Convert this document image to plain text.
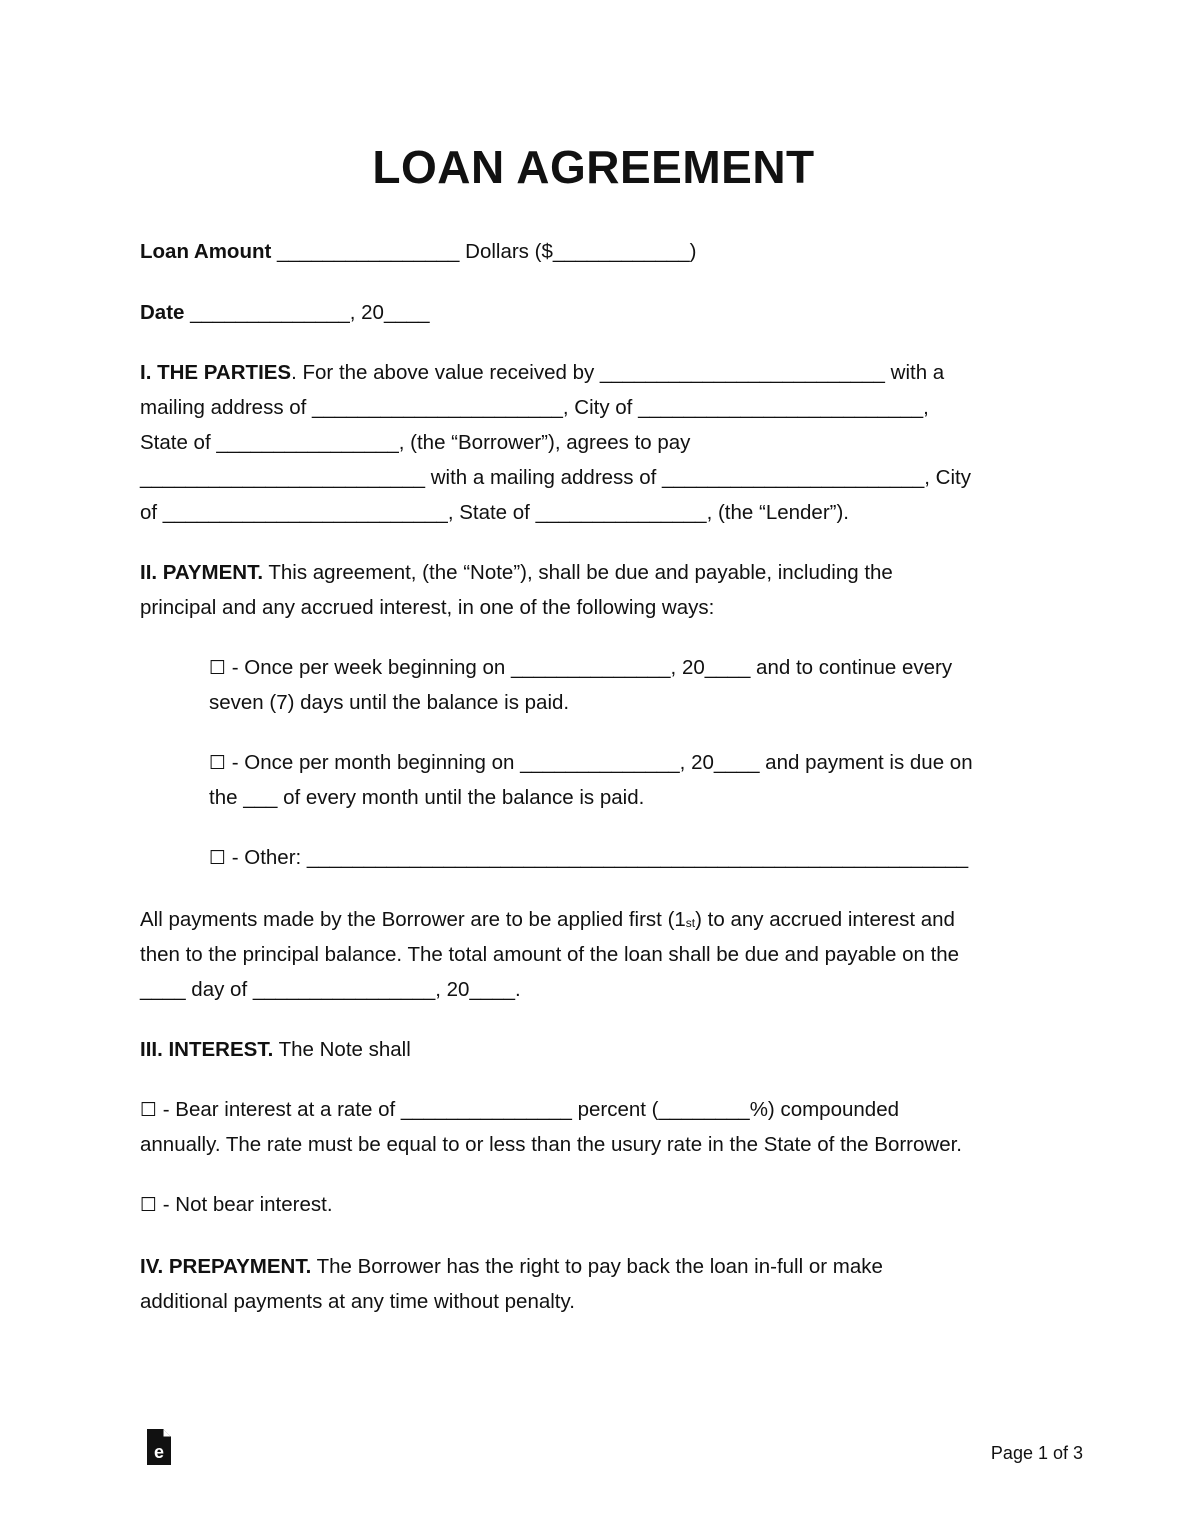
LOAN AGREEMENT
Loan Amount ________________ Dollars ($____________)
Date ______________, 20____
I. THE PARTIES. For the above value received by _________________________ with a
mailing address of ______________________, City of _________________________,
State of ________________, (the “Borrower”), agrees to pay
_________________________ with a mailing address of _______________________, City
of _________________________, State of _______________, (the “Lender”).
II. PAYMENT. This agreement, (the “Note”), shall be due and payable, including the
principal and any accrued interest, in one of the following ways:
☐ - Once per week beginning on ______________, 20____ and to continue every
seven (7) days until the balance is paid.
☐ - Once per month beginning on ______________, 20____ and payment is due on
the ___ of every month until the balance is paid.
☐ - Other: __________________________________________________________
All payments made by the Borrower are to be applied first $(1_{st})$ to any accrued interest and
then to the principal balance. The total amount of the loan shall be due and payable on the
____ day of ________________, 20____.
III. INTEREST. The Note shall
☐ - Bear interest at a rate of _______________ percent (________%) compounded
annually. The rate must be equal to or less than the usury rate in the State of the Borrower.
☐ - Not bear interest.
IV. PREPAYMENT. The Borrower has the right to pay back the loan in-full or make
additional payments at any time without penalty.
e	Page 1 of 3
